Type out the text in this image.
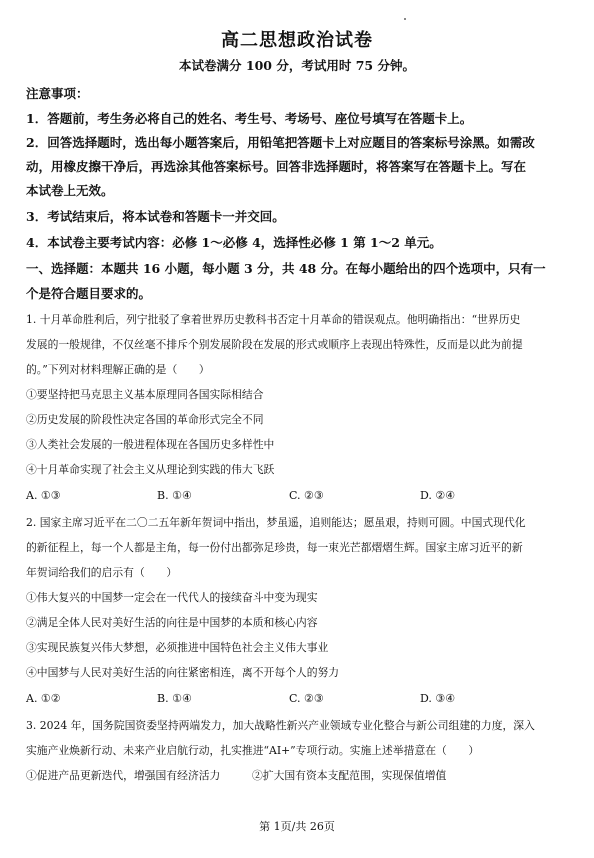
高二思想政治试卷
本试卷满分 100 分，考试用时 75 分钟。
注意事项：
1．答题前，考生务必将自己的姓名、考生号、考场号、座位号填写在答题卡上。
2．回答选择题时，选出每小题答案后，用铅笔把答题卡上对应题目的答案标号涂黑。如需改
动，用橡皮擦干净后，再选涂其他答案标号。回答非选择题时，将答案写在答题卡上。写在
本试卷上无效。
3．考试结束后，将本试卷和答题卡一并交回。
4．本试卷主要考试内容：必修 1～必修 4，选择性必修 1 第 1～2 单元。
一、选择题：本题共 16 小题，每小题 3 分，共 48 分。在每小题给出的四个选项中，只有一
个是符合题目要求的。
1. 十月革命胜利后，列宁批驳了拿着世界历史教科书否定十月革命的错误观点。他明确指出：“世界历史
发展的一般规律，不仅丝毫不排斥个别发展阶段在发展的形式或顺序上表现出特殊性，反而是以此为前提
的。”下列对材料理解正确的是（　　）
①要坚持把马克思主义基本原理同各国实际相结合
②历史发展的阶段性决定各国的革命形式完全不同
③人类社会发展的一般进程体现在各国历史多样性中
④十月革命实现了社会主义从理论到实践的伟大飞跃
A. ①③	B. ①④	C. ②③	D. ②④
2. 国家主席习近平在二〇二五年新年贺词中指出，梦虽遥，追则能达；愿虽艰，持则可圆。中国式现代化
的新征程上，每一个人都是主角，每一份付出都弥足珍贵，每一束光芒都熠熠生辉。国家主席习近平的新
年贺词给我们的启示有（　　）
①伟大复兴的中国梦一定会在一代代人的接续奋斗中变为现实
②满足全体人民对美好生活的向往是中国梦的本质和核心内容
③实现民族复兴伟大梦想，必须推进中国特色社会主义伟大事业
④中国梦与人民对美好生活的向往紧密相连，离不开每个人的努力
A. ①②	B. ①④	C. ②③	D. ③④
3. 2024 年，国务院国资委坚持两端发力，加大战略性新兴产业领域专业化整合与新公司组建的力度，深入
实施产业焕新行动、未来产业启航行动，扎实推进“AI+”专项行动。实施上述举措意在（　　）
①促进产品更新迭代，增强国有经济活力	②扩大国有资本支配范围，实现保值增值
第 1页/共 26页
